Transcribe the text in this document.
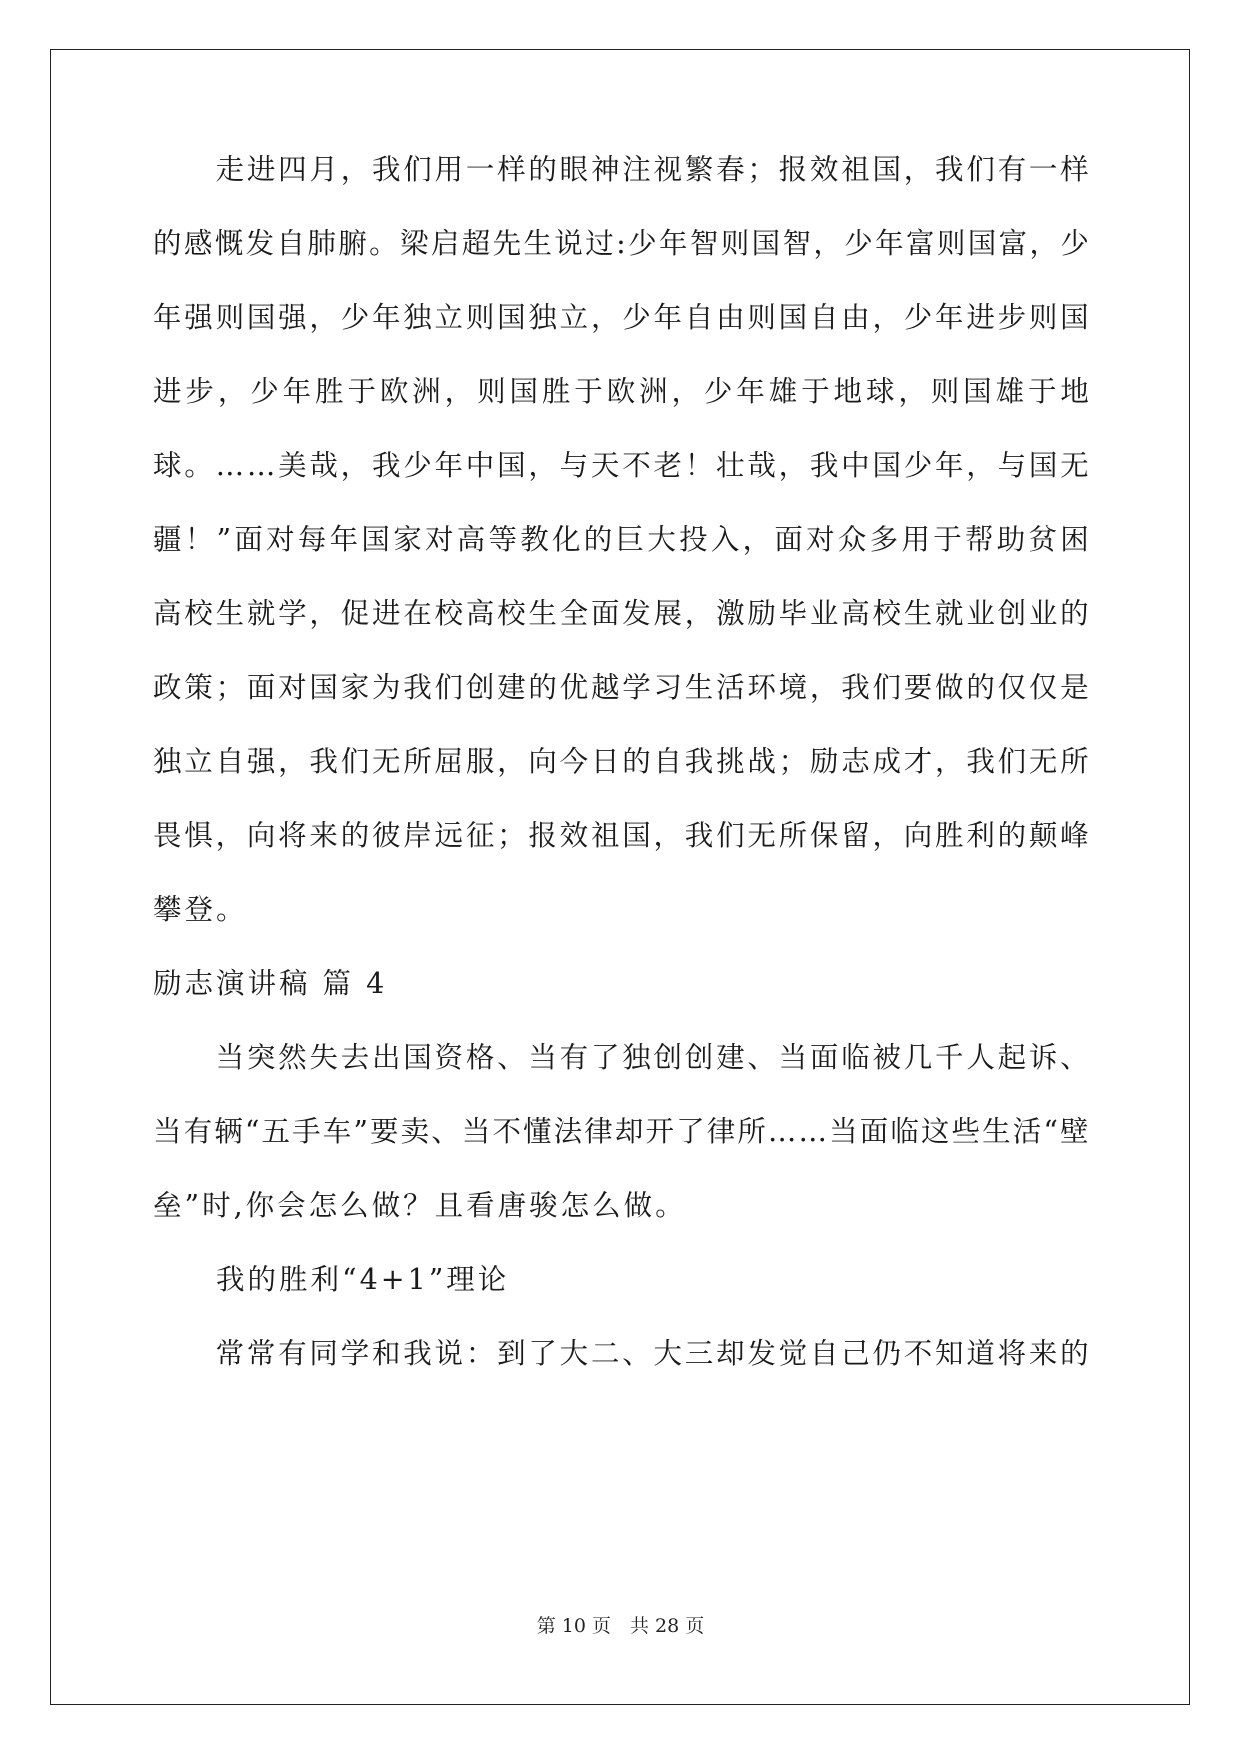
走 进 四 月 ， 我 们 用 一 样 的 眼 神 注 视 繁 春 ； 报 效 祖 国 ， 我 们 有 一 样
的 感 慨 发 自 肺 腑 。 梁 启 超 先 生 说 过 : 少 年 智 则 国 智 ， 少 年 富 则 国 富 ， 少
年 强 则 国 强 ， 少 年 独 立 则 国 独 立 ， 少 年 自 由 则 国 自 由 ， 少 年 进 步 则 国
进 步 ， 少 年 胜 于 欧 洲 ， 则 国 胜 于 欧 洲 ， 少 年 雄 于 地 球 ， 则 国 雄 于 地
球 。 … … 美 哉 ， 我 少 年 中 国 ， 与 天 不 老 ！ 壮 哉 ， 我 中 国 少 年 ， 与 国 无
疆 ！ ” 面 对 每 年 国 家 对 高 等 教 化 的 巨 大 投 入 ， 面 对 众 多 用 于 帮 助 贫 困
高 校 生 就 学 ， 促 进 在 校 高 校 生 全 面 发 展 ， 激 励 毕 业 高 校 生 就 业 创 业 的
政 策 ； 面 对 国 家 为 我 们 创 建 的 优 越 学 习 生 活 环 境 ， 我 们 要 做 的 仅 仅 是
独 立 自 强 ， 我 们 无 所 屈 服 ， 向 今 日 的 自 我 挑 战 ； 励 志 成 才 ， 我 们 无 所
畏 惧 ， 向 将 来 的 彼 岸 远 征 ； 报 效 祖 国 ， 我 们 无 所 保 留 ， 向 胜 利 的 颠 峰
攀登。
励志演讲稿 篇 4

当 突 然 失 去 出 国 资 格 、 当 有 了 独 创 创 建 、 当 面 临 被 几 千 人 起 诉 、
当 有 辆 “ 五 手 车 ” 要 卖 、 当 不 懂 法 律 却 开 了 律 所 … … 当 面 临 这 些 生 活 “ 壁
垒”时,你会怎么做？且看唐骏怎么做。
　　我的胜利“4+1”理论

常 常 有 同 学 和 我 说 ： 到 了 大 二 、 大 三 却 发 觉 自 己 仍 不 知 道 将 来 的
第 10 页　共 28 页
